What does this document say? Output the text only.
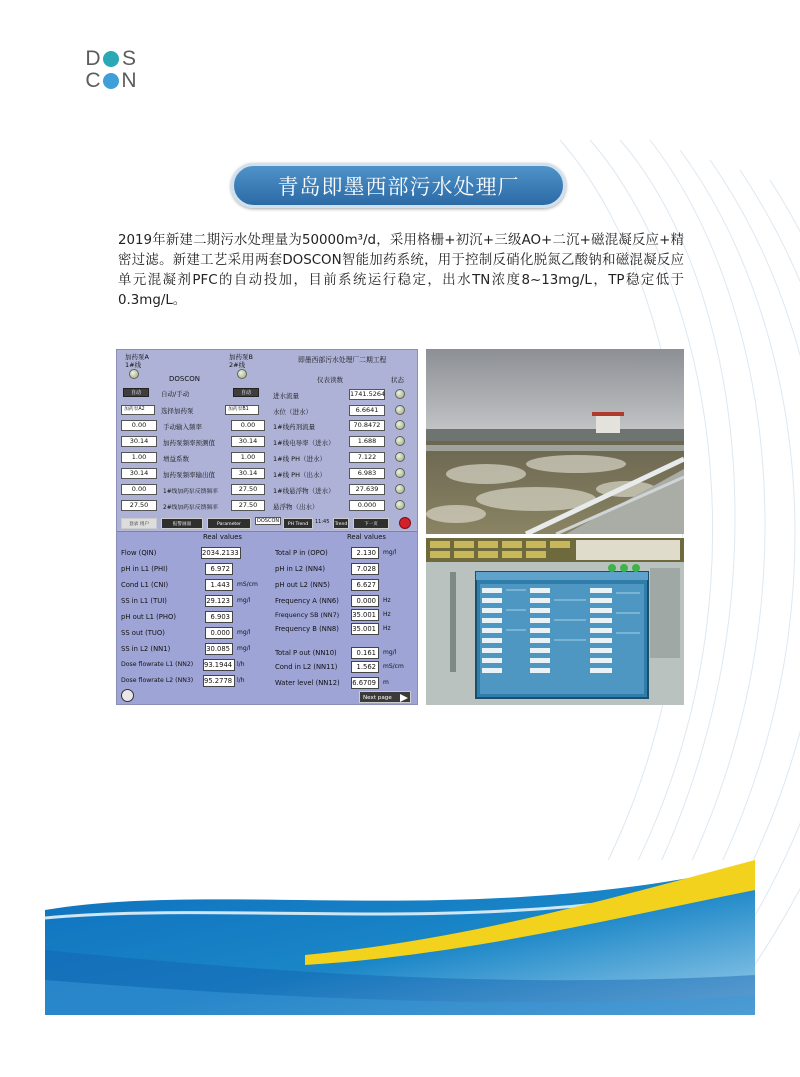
D S
C N
青岛即墨西部污水处理厂

2019年新建二期污水处理量为50000m³/d，采用格栅+初沉+三级AO+二沉+磁混凝反应+精密过滤。新建工艺采用两套DOSCON智能加药系统，用于控制反硝化脱氮乙酸钠和磁混凝反应单元混凝剂PFC的自动投加，目前系统运行稳定，出水TN浓度8~13mg/L，TP稳定低于0.3mg/L。

加药泵A
1#线
加药泵B
2#线
即墨西部污水处理厂二期工程
DOSCON	仪表读数	状态
自动	自动/手动	自动
加药泵A2	选择加药泵	加药泵B1
0.00	手动输入频率	0.00
30.14	加药泵频率预测值	30.14
1.00	增益系数	1.00
30.14	加药泵频率输出值	30.14
0.00	1#线加药泵反馈频率	27.50
27.50	2#线加药泵反馈频率	27.50
进水流量	1741.5264
水位（进水）	6.6641
1#线药剂流量	70.8472
1#线电导率（进水）	1.688
1#线 PH（进水）	7.122
1#线 PH（出水）	6.983
1#线悬浮物（进水）	27.639
悬浮物（出水）	0.000
登录 用户	报警画面	Parameter
DOSCON
PH Trend	11:45	Trend	下一页
Real values	Real values
Flow (QIN)	2034.2133
pH in L1 (PHI)	6.972
Cond L1 (CNI)	1.443	mS/cm
SS in L1 (TUI)	29.123	mg/l
pH out L1 (PHO)	6.903
SS out (TUO)	0.000	mg/l
SS in L2 (NN1)	30.085	mg/l
Dose flowrate L1 (NN2) 93.1944 l/h
Dose flowrate L2 (NN3) 95.2778 l/h
Total P in (OPO)	2.130	mg/l
pH in L2 (NN4)	7.028
pH out L2 (NN5)	6.627
Frequency A (NN6)	0.000	Hz
Frequency SB (NN7) 35.001	Hz
Frequency B (NN8) 35.001	Hz
Total P out (NN10)	0.161	mg/l
Cond in L2 (NN11)	1.562	mS/cm
Water level (NN12) 6.6709	m
Next page
